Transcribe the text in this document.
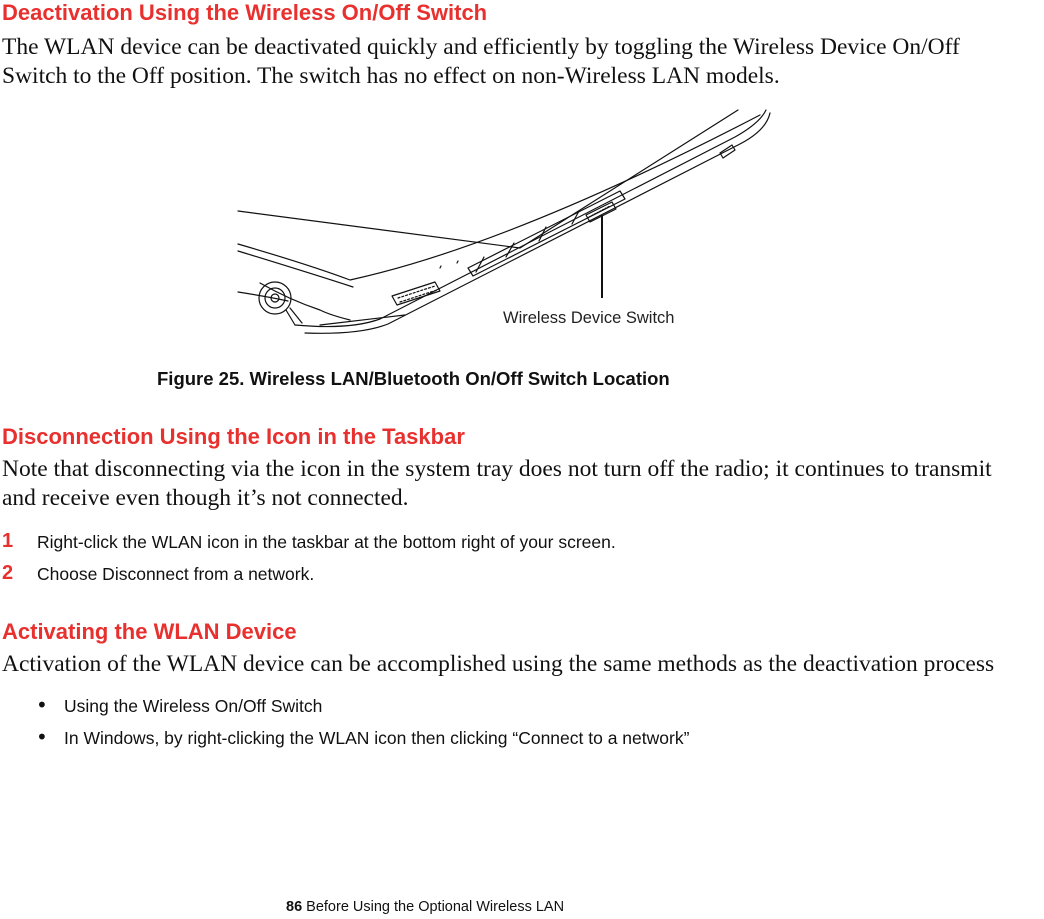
Deactivation Using the Wireless On/Off Switch

The WLAN device can be deactivated quickly and efficiently by toggling the Wireless Device On/Off

Switch to the Off position. The switch has no effect on non-Wireless LAN models.

Wireless Device Switch
Figure 25. Wireless LAN/Bluetooth On/Off Switch Location
Disconnection Using the Icon in the Taskbar

Note that disconnecting via the icon in the system tray does not turn off the radio; it continues to transmit

and receive even though it’s not connected.

1 Right-click the WLAN icon in the taskbar at the bottom right of your screen.
2 Choose Disconnect from a network.
Activating the WLAN Device

Activation of the WLAN device can be accomplished using the same methods as the deactivation process

• Using the Wireless On/Off Switch
• In Windows, by right-clicking the WLAN icon then clicking “Connect to a network”
86 Before Using the Optional Wireless LAN
